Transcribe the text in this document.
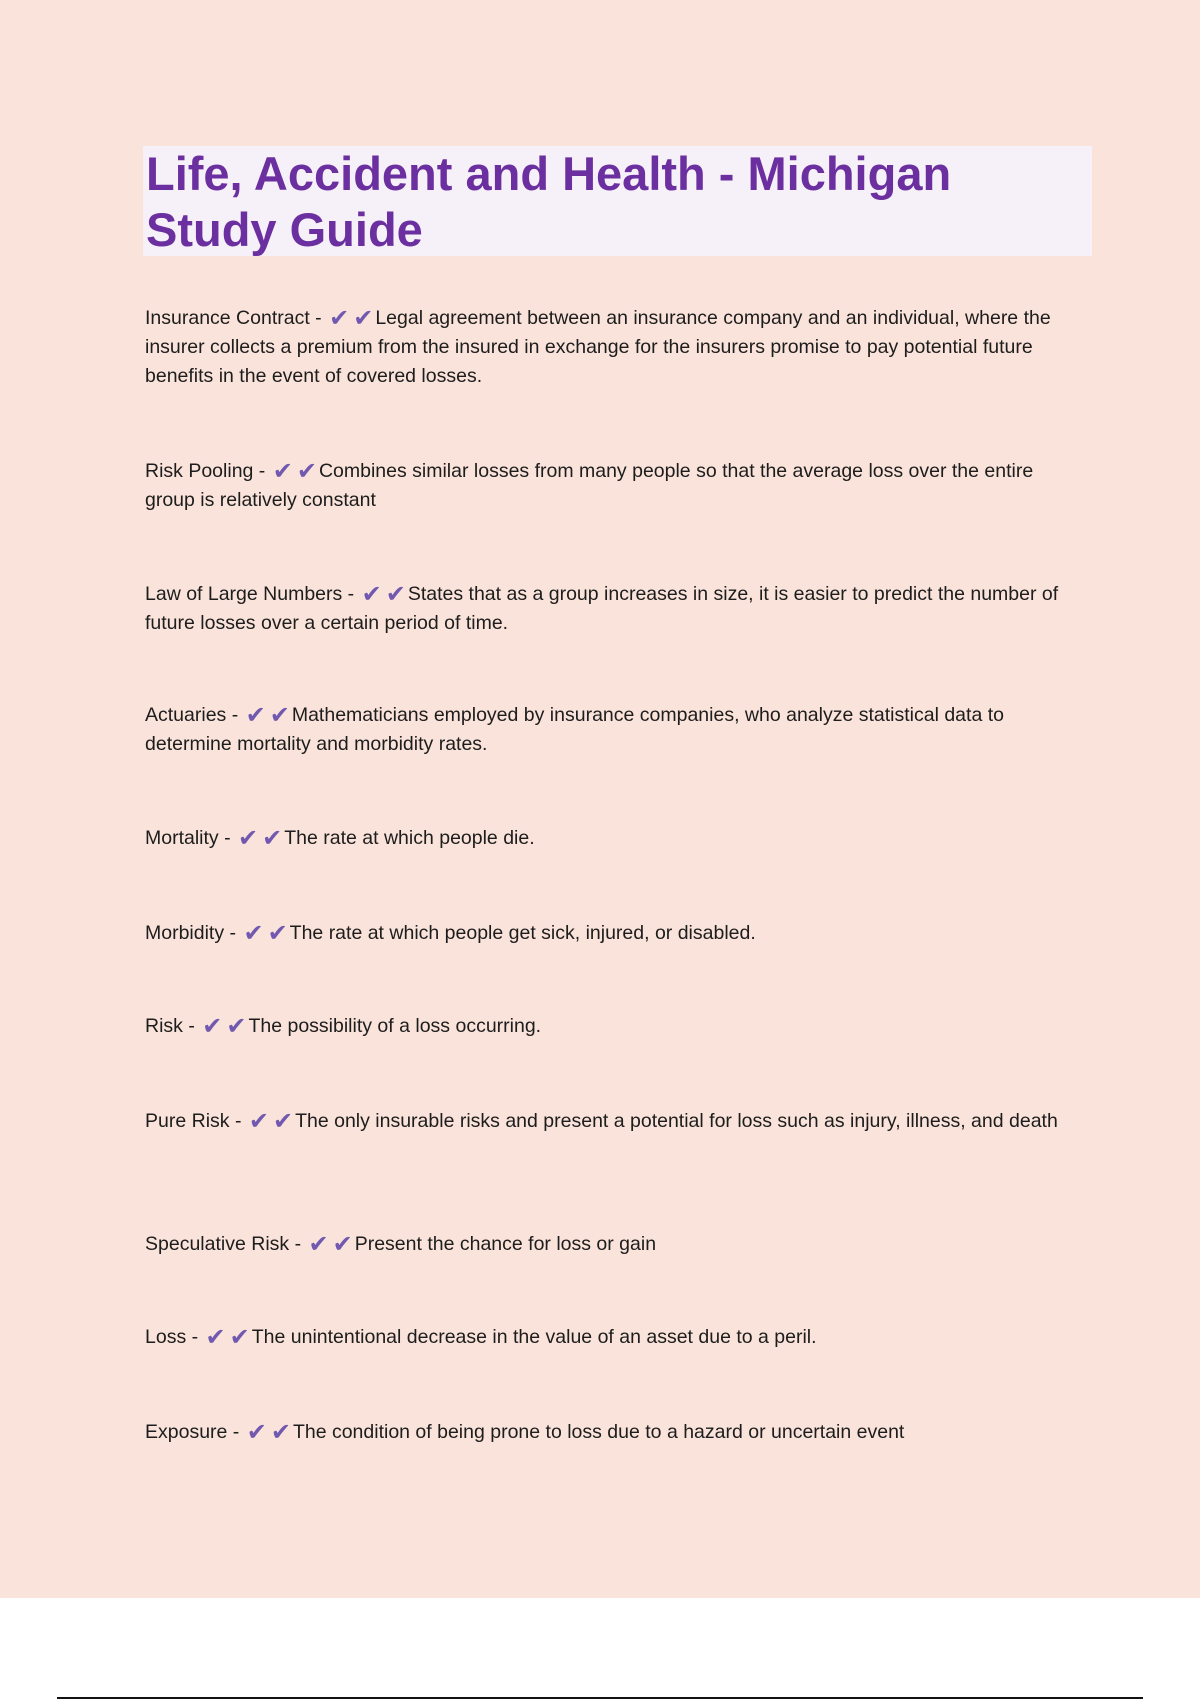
Life, Accident and Health - Michigan Study Guide

Insurance Contract - ✔ ✔ Legal agreement between an insurance company and an individual, where the insurer collects a premium from the insured in exchange for the insurers promise to pay potential future benefits in the event of covered losses.

Risk Pooling - ✔ ✔ Combines similar losses from many people so that the average loss over the entire group is relatively constant

Law of Large Numbers - ✔ ✔ States that as a group increases in size, it is easier to predict the number of future losses over a certain period of time.

Actuaries - ✔ ✔ Mathematicians employed by insurance companies, who analyze statistical data to determine mortality and morbidity rates.

Mortality - ✔ ✔ The rate at which people die.

Morbidity - ✔ ✔ The rate at which people get sick, injured, or disabled.

Risk - ✔ ✔ The possibility of a loss occurring.

Pure Risk - ✔ ✔ The only insurable risks and present a potential for loss such as injury, illness, and death

Speculative Risk - ✔ ✔ Present the chance for loss or gain

Loss - ✔ ✔ The unintentional decrease in the value of an asset due to a peril.

Exposure - ✔ ✔ The condition of being prone to loss due to a hazard or uncertain event
